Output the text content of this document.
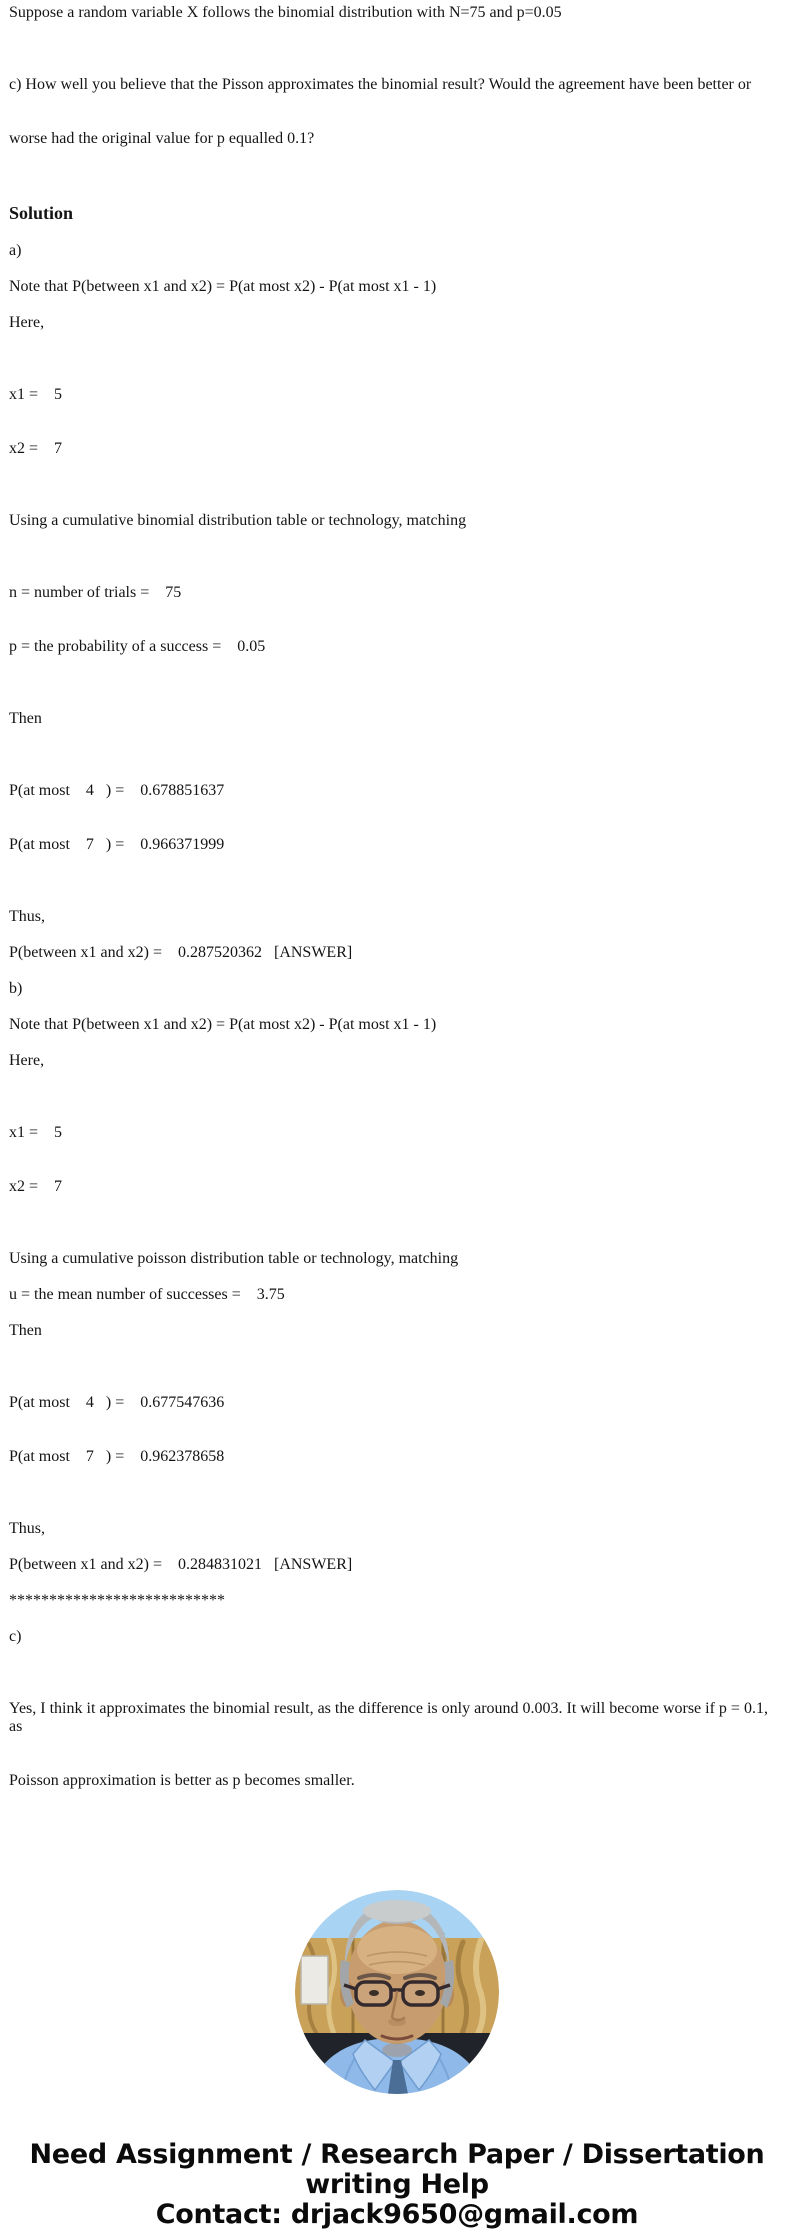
Suppose a random variable X follows the binomial distribution with N=75 and p=0.05

c) How well you believe that the Pisson approximates the binomial result? Would the agreement have been better or

worse had the original value for p equalled 0.1?

Solution
a)
Note that P(between x1 and x2) = P(at most x2) - P(at most x1 - 1)
Here,

x1 =    5

x2 =    7

Using a cumulative binomial distribution table or technology, matching

n = number of trials =    75

p = the probability of a success =    0.05

Then

P(at most    4   ) =    0.678851637

P(at most    7   ) =    0.966371999

Thus,
P(between x1 and x2) =    0.287520362   [ANSWER]
b)
Note that P(between x1 and x2) = P(at most x2) - P(at most x1 - 1)
Here,

x1 =    5

x2 =    7

Using a cumulative poisson distribution table or technology, matching
u = the mean number of successes =    3.75
Then

P(at most    4   ) =    0.677547636

P(at most    7   ) =    0.962378658

Thus,
P(between x1 and x2) =    0.284831021   [ANSWER]
***************************
c)

Yes, I think it approximates the binomial result, as the difference is only around 0.003. It will become worse if p = 0.1, as

Poisson approximation is better as p becomes smaller.

Need Assignment / Research Paper / Dissertation
writing Help
Contact: drjack9650@gmail.com
